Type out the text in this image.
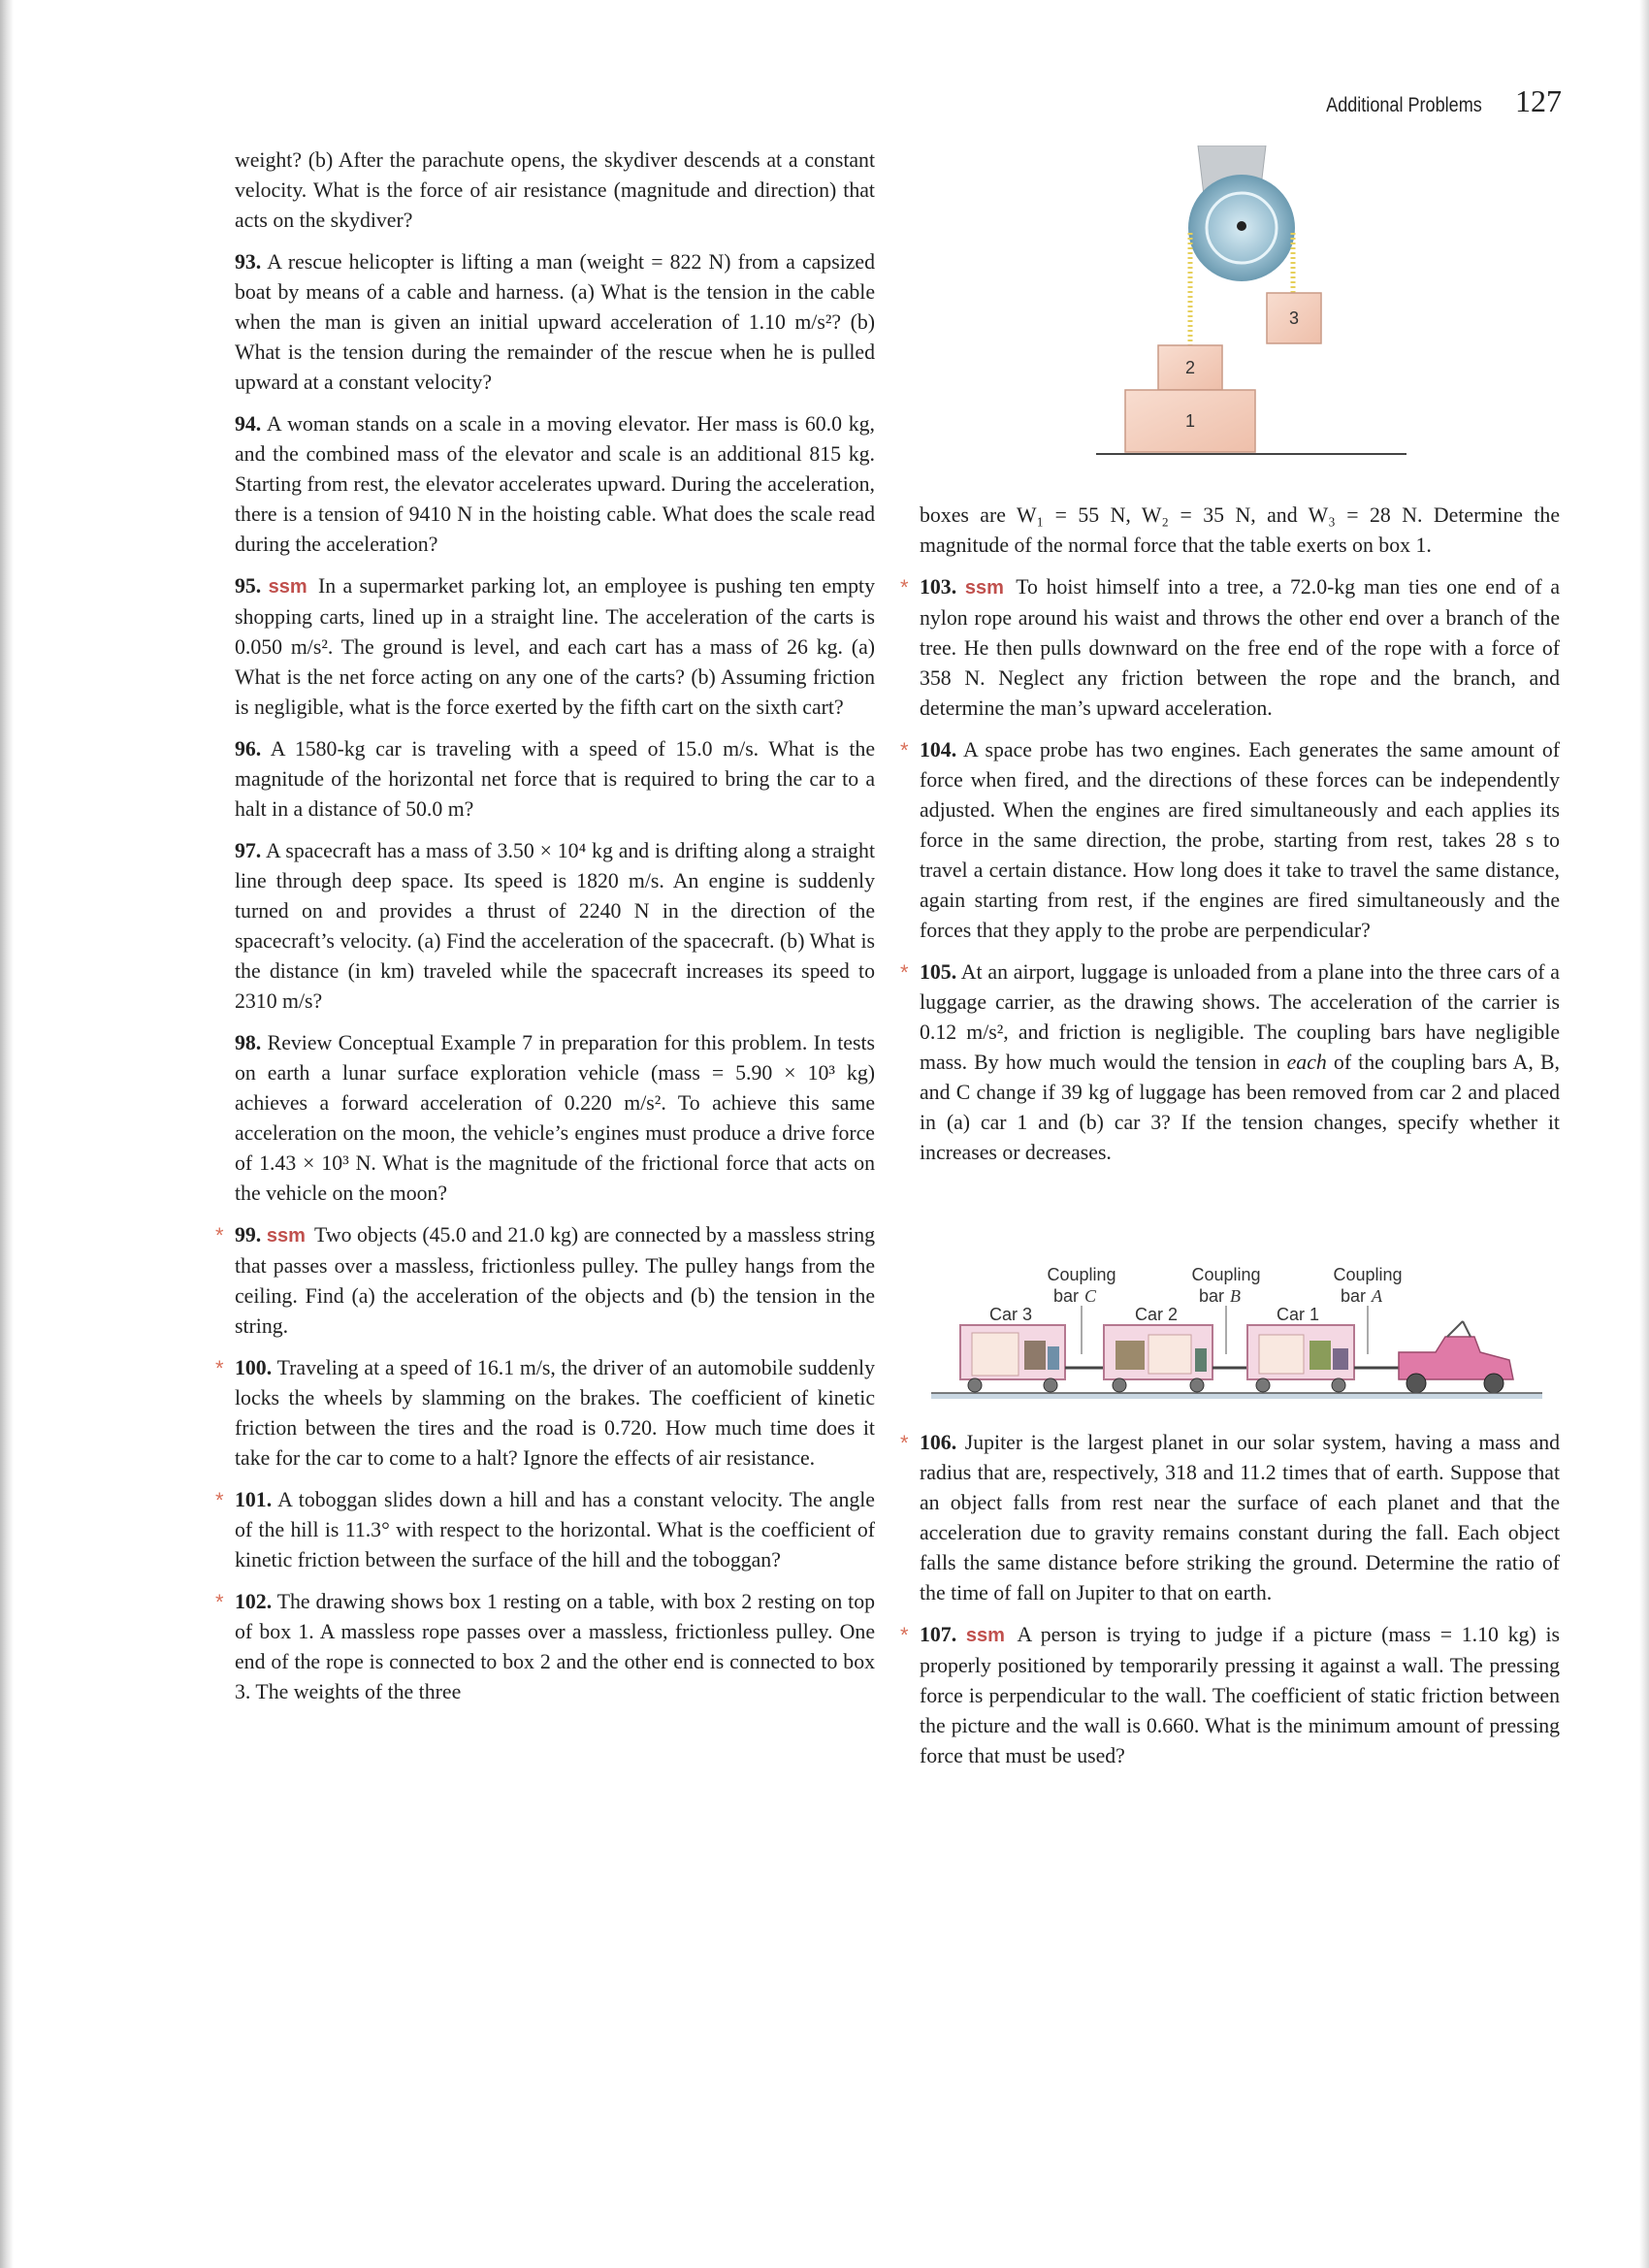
Additional Problems 127

weight? (b) After the parachute opens, the skydiver descends at a constant velocity. What is the force of air resistance (magnitude and direction) that acts on the skydiver?

93. A rescue helicopter is lifting a man (weight = 822 N) from a capsized boat by means of a cable and harness. (a) What is the tension in the cable when the man is given an initial upward acceleration of 1.10 m/s²? (b) What is the tension during the remainder of the rescue when he is pulled upward at a constant velocity?

94. A woman stands on a scale in a moving elevator. Her mass is 60.0 kg, and the combined mass of the elevator and scale is an additional 815 kg. Starting from rest, the elevator accelerates upward. During the acceleration, there is a tension of 9410 N in the hoisting cable. What does the scale read during the acceleration?

95. ssm In a supermarket parking lot, an employee is pushing ten empty shopping carts, lined up in a straight line. The acceleration of the carts is 0.050 m/s². The ground is level, and each cart has a mass of 26 kg. (a) What is the net force acting on any one of the carts? (b) Assuming friction is negligible, what is the force exerted by the fifth cart on the sixth cart?

96. A 1580-kg car is traveling with a speed of 15.0 m/s. What is the magnitude of the horizontal net force that is required to bring the car to a halt in a distance of 50.0 m?

97. A spacecraft has a mass of 3.50 × 10⁴ kg and is drifting along a straight line through deep space. Its speed is 1820 m/s. An engine is suddenly turned on and provides a thrust of 2240 N in the direction of the spacecraft’s velocity. (a) Find the acceleration of the spacecraft. (b) What is the distance (in km) traveled while the spacecraft increases its speed to 2310 m/s?

98. Review Conceptual Example 7 in preparation for this problem. In tests on earth a lunar surface exploration vehicle (mass = 5.90 × 10³ kg) achieves a forward acceleration of 0.220 m/s². To achieve this same acceleration on the moon, the vehicle’s engines must produce a drive force of 1.43 × 10³ N. What is the magnitude of the frictional force that acts on the vehicle on the moon?

* 99. ssm Two objects (45.0 and 21.0 kg) are connected by a massless string that passes over a massless, frictionless pulley. The pulley hangs from the ceiling. Find (a) the acceleration of the objects and (b) the tension in the string.

* 100. Traveling at a speed of 16.1 m/s, the driver of an automobile suddenly locks the wheels by slamming on the brakes. The coefficient of kinetic friction between the tires and the road is 0.720. How much time does it take for the car to come to a halt? Ignore the effects of air resistance.

* 101. A toboggan slides down a hill and has a constant velocity. The angle of the hill is 11.3° with respect to the horizontal. What is the coefficient of kinetic friction between the surface of the hill and the toboggan?

* 102. The drawing shows box 1 resting on a table, with box 2 resting on top of box 1. A massless rope passes over a massless, frictionless pulley. One end of the rope is connected to box 2 and the other end is connected to box 3. The weights of the three

3
2
1

boxes are W₁ = 55 N, W₂ = 35 N, and W₃ = 28 N. Determine the magnitude of the normal force that the table exerts on box 1.

* 103. ssm To hoist himself into a tree, a 72.0-kg man ties one end of a nylon rope around his waist and throws the other end over a branch of the tree. He then pulls downward on the free end of the rope with a force of 358 N. Neglect any friction between the rope and the branch, and determine the man’s upward acceleration.

* 104. A space probe has two engines. Each generates the same amount of force when fired, and the directions of these forces can be independently adjusted. When the engines are fired simultaneously and each applies its force in the same direction, the probe, starting from rest, takes 28 s to travel a certain distance. How long does it take to travel the same distance, again starting from rest, if the engines are fired simultaneously and the forces that they apply to the probe are perpendicular?

* 105. At an airport, luggage is unloaded from a plane into the three cars of a luggage carrier, as the drawing shows. The acceleration of the carrier is 0.12 m/s², and friction is negligible. The coupling bars have negligible mass. By how much would the tension in each of the coupling bars A, B, and C change if 39 kg of luggage has been removed from car 2 and placed in (a) car 1 and (b) car 3? If the tension changes, specify whether it increases or decreases.

Coupling
bar C
Coupling
bar B
Coupling
bar A
Car 3	Car 2	Car 1

* 106. Jupiter is the largest planet in our solar system, having a mass and radius that are, respectively, 318 and 11.2 times that of earth. Suppose that an object falls from rest near the surface of each planet and that the acceleration due to gravity remains constant during the fall. Each object falls the same distance before striking the ground. Determine the ratio of the time of fall on Jupiter to that on earth.

* 107. ssm A person is trying to judge if a picture (mass = 1.10 kg) is properly positioned by temporarily pressing it against a wall. The pressing force is perpendicular to the wall. The coefficient of static friction between the picture and the wall is 0.660. What is the minimum amount of pressing force that must be used?
